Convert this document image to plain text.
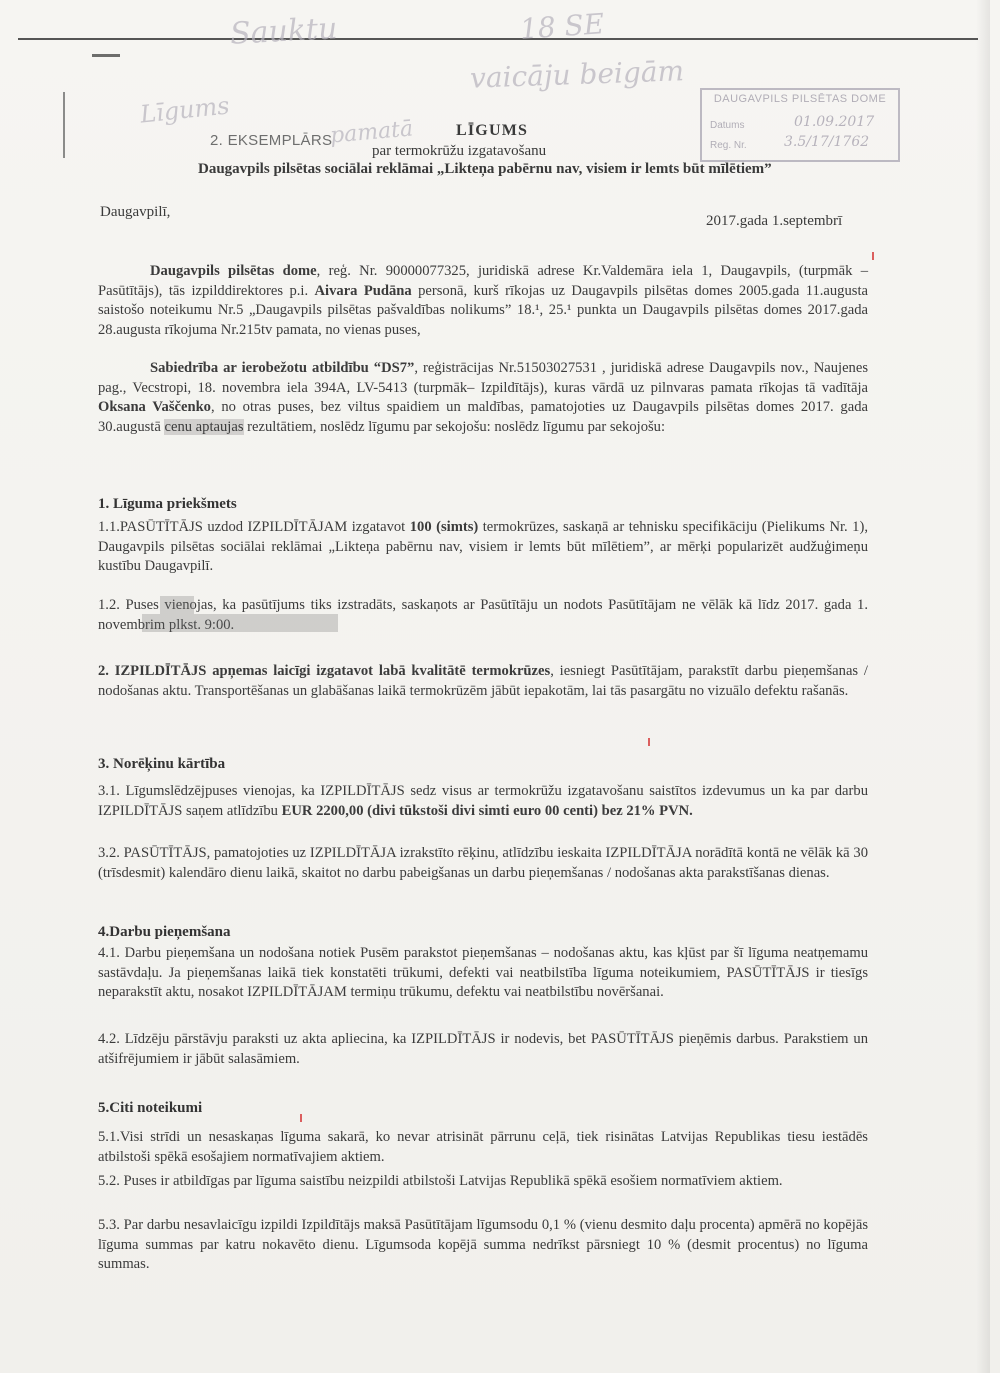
Sauktu	18 SE
vaicāju beigām
Līgums
pamatā
DAUGAVPILS PILSĒTAS DOME
Datums	01.09.2017
Reg. Nr.	3.5/17/1762
2. EKSEMPLĀRS
LĪGUMS
par termokrūžu izgatavošanu
Daugavpils pilsētas sociālai reklāmai „Likteņa pabērnu nav, visiem ir lemts būt mīlētiem”
Daugavpilī,
2017.gada 1.septembrī
Daugavpils pilsētas dome, reģ. Nr. 90000077325, juridiskā adrese Kr.Valdemāra iela 1, Daugavpils, (turpmāk – Pasūtītājs), tās izpilddirektores p.i. Aivara Pudāna personā, kurš rīkojas uz Daugavpils pilsētas domes 2005.gada 11.augusta saistošo noteikumu Nr.5 „Daugavpils pilsētas pašvaldības nolikums” 18.¹, 25.¹ punkta un Daugavpils pilsētas domes 2017.gada 28.augusta rīkojuma Nr.215tv pamata, no vienas puses,
Sabiedrība ar ierobežotu atbildību “DS7”, reģistrācijas Nr.51503027531 , juridiskā adrese Daugavpils nov., Naujenes pag., Vecstropi, 18. novembra iela 394A, LV-5413 (turpmāk– Izpildītājs), kuras vārdā uz pilnvaras pamata rīkojas tā vadītāja Oksana Vaščenko, no otras puses, bez viltus spaidiem un maldības, pamatojoties uz Daugavpils pilsētas domes 2017. gada 30.augustā cenu aptaujas rezultātiem, noslēdz līgumu par sekojošu: noslēdz līgumu par sekojošu:
1. Līguma priekšmets
1.1.PASŪTĪTĀJS uzdod IZPILDĪTĀJAM izgatavot 100 (simts) termokrūzes, saskaņā ar tehnisku specifikāciju (Pielikums Nr. 1), Daugavpils pilsētas sociālai reklāmai „Likteņa pabērnu nav, visiem ir lemts būt mīlētiem”, ar mērķi popularizēt audžuģimeņu kustību Daugavpilī.
1.2. Puses vienojas, ka pasūtījums tiks izstradāts, saskaņots ar Pasūtītāju un nodots Pasūtītājam ne vēlāk kā līdz 2017. gada 1. novembrim plkst. 9:00.
2. IZPILDĪTĀJS apņemas laicīgi izgatavot labā kvalitātē termokrūzes, iesniegt Pasūtītājam, parakstīt darbu pieņemšanas / nodošanas aktu. Transportēšanas un glabāšanas laikā termokrūzēm jābūt iepakotām, lai tās pasargātu no vizuālo defektu rašanās.
3. Norēķinu kārtība
3.1. Līgumslēdzējpuses vienojas, ka IZPILDĪTĀJS sedz visus ar termokrūžu izgatavošanu saistītos izdevumus un ka par darbu IZPILDĪTĀJS saņem atlīdzību EUR 2200,00 (divi tūkstoši divi simti euro 00 centi) bez 21% PVN.
3.2. PASŪTĪTĀJS, pamatojoties uz IZPILDĪTĀJA izrakstīto rēķinu, atlīdzību ieskaita IZPILDĪTĀJA norādītā kontā ne vēlāk kā 30 (trīsdesmit) kalendāro dienu laikā, skaitot no darbu pabeigšanas un darbu pieņemšanas / nodošanas akta parakstīšanas dienas.
4.Darbu pieņemšana
4.1. Darbu pieņemšana un nodošana notiek Pusēm parakstot pieņemšanas – nodošanas aktu, kas kļūst par šī līguma neatņemamu sastāvdaļu. Ja pieņemšanas laikā tiek konstatēti trūkumi, defekti vai neatbilstība līguma noteikumiem, PASŪTĪTĀJS ir tiesīgs neparakstīt aktu, nosakot IZPILDĪTĀJAM termiņu trūkumu, defektu vai neatbilstību novēršanai.
4.2. Līdzēju pārstāvju paraksti uz akta apliecina, ka IZPILDĪTĀJS ir nodevis, bet PASŪTĪTĀJS pieņēmis darbus. Parakstiem un atšifrējumiem ir jābūt salasāmiem.
5.Citi noteikumi
5.1.Visi strīdi un nesaskaņas līguma sakarā, ko nevar atrisināt pārrunu ceļā, tiek risinātas Latvijas Republikas tiesu iestādēs atbilstoši spēkā esošajiem normatīvajiem aktiem.
5.2. Puses ir atbildīgas par līguma saistību neizpildi atbilstoši Latvijas Republikā spēkā esošiem normatīviem aktiem.
5.3. Par darbu nesavlaicīgu izpildi Izpildītājs maksā Pasūtītājam līgumsodu 0,1 % (vienu desmito daļu procenta) apmērā no kopējās līguma summas par katru nokavēto dienu. Līgumsoda kopējā summa nedrīkst pārsniegt 10 % (desmit procentus) no līguma summas.
